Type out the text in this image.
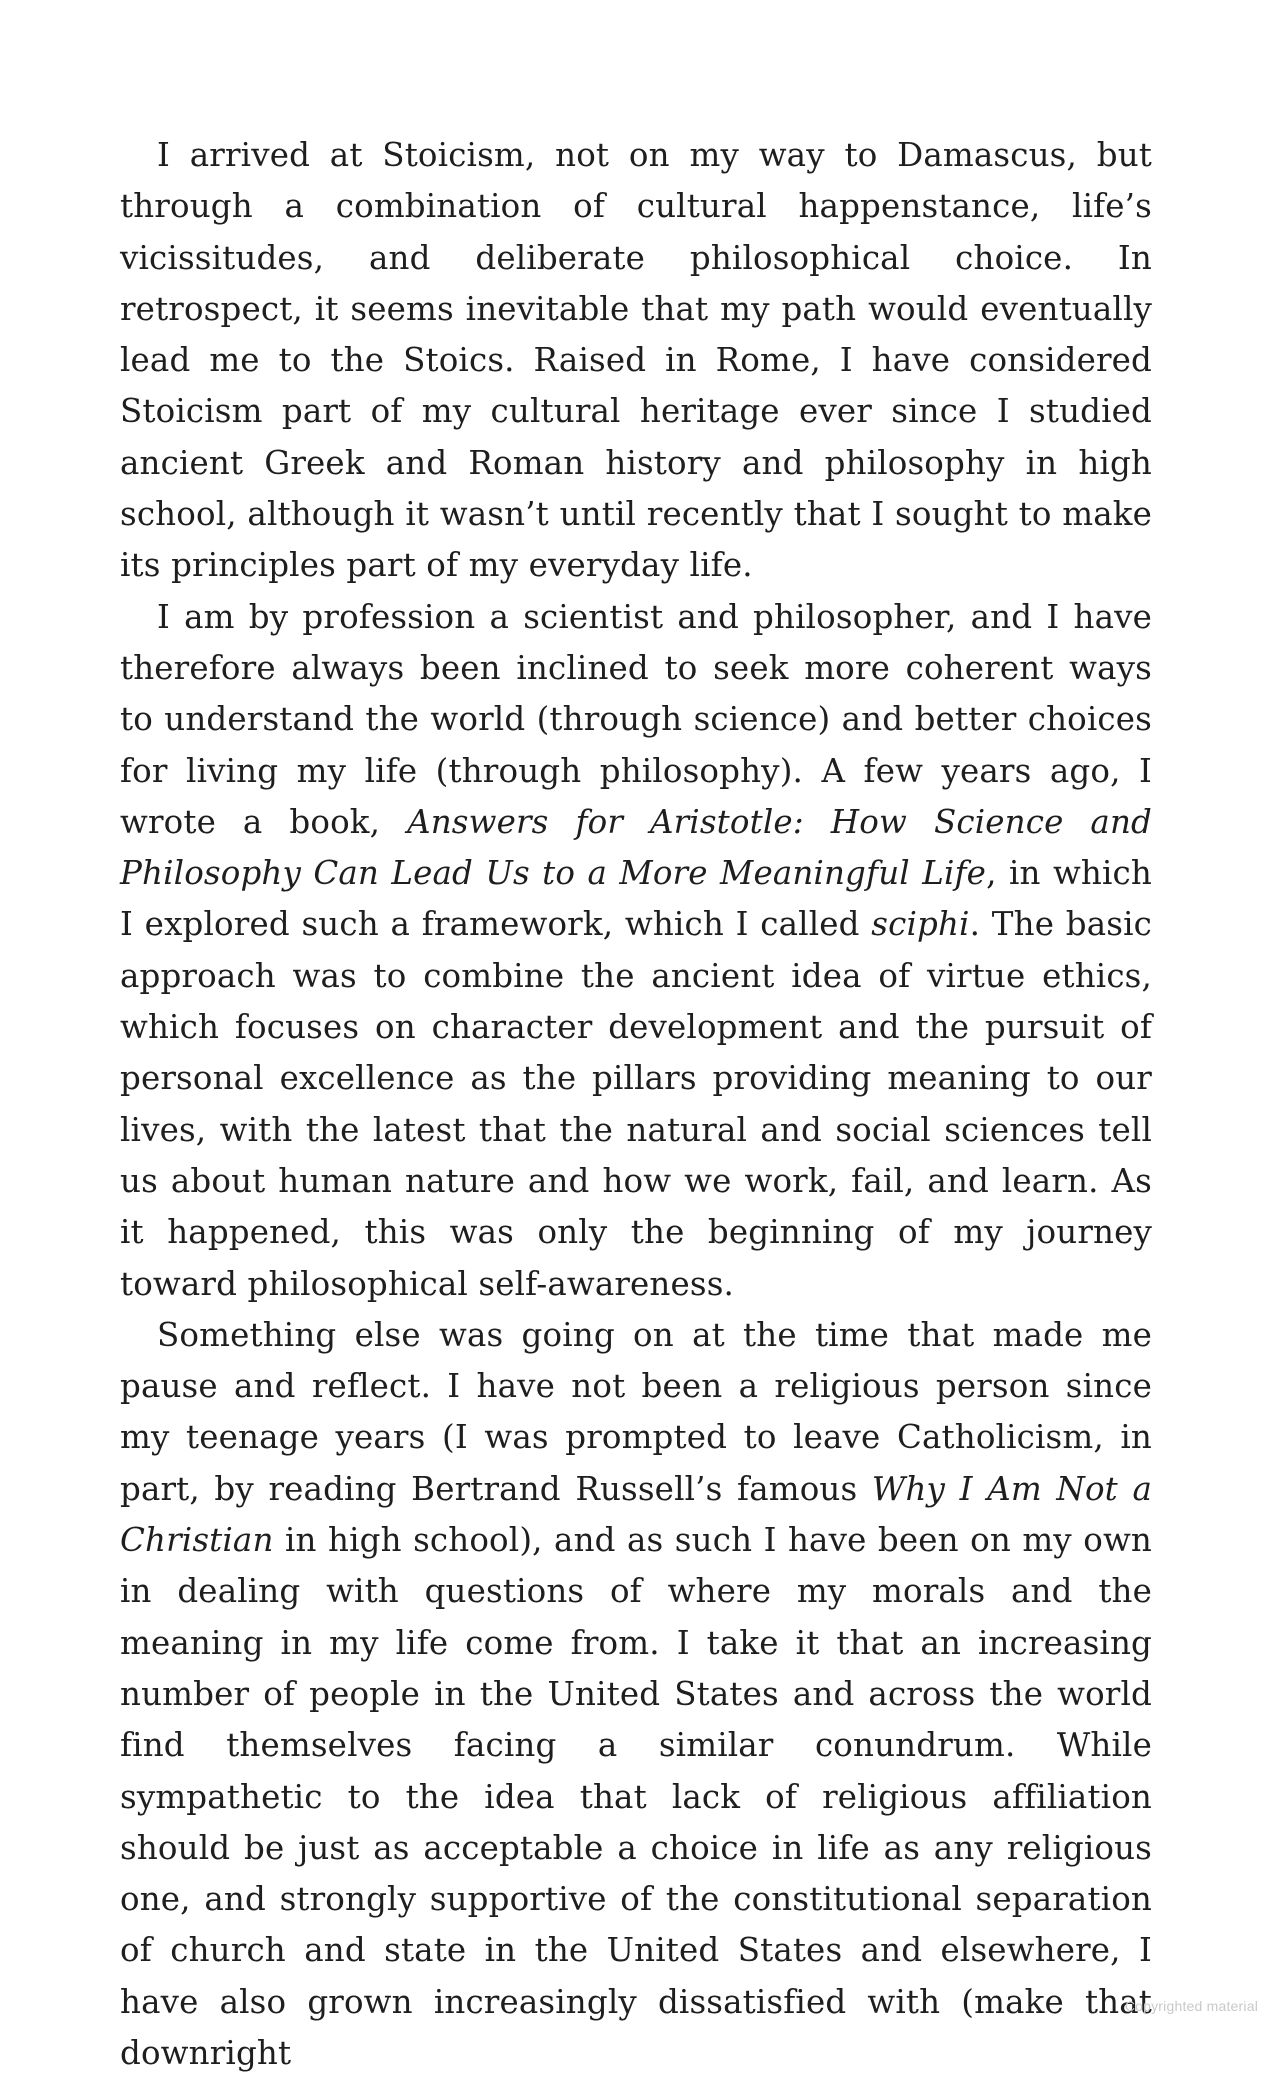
I arrived at Stoicism, not on my way to Damascus, but through a combination of cultural happenstance, life’s vicissitudes, and deliberate philosophical choice. In retrospect, it seems inevitable that my path would eventually lead me to the Stoics. Raised in Rome, I have considered Stoicism part of my cultural heritage ever since I studied ancient Greek and Roman history and philosophy in high school, although it wasn’t until recently that I sought to make its principles part of my everyday life.

I am by profession a scientist and philosopher, and I have therefore always been inclined to seek more coherent ways to understand the world (through science) and better choices for living my life (through philosophy). A few years ago, I wrote a book, Answers for Aristotle: How Science and Philosophy Can Lead Us to a More Meaningful Life, in which I explored such a framework, which I called sciphi. The basic approach was to combine the ancient idea of virtue ethics, which focuses on character development and the pursuit of personal excellence as the pillars providing meaning to our lives, with the latest that the natural and social sciences tell us about human nature and how we work, fail, and learn. As it happened, this was only the beginning of my journey toward philosophical self-awareness.

Something else was going on at the time that made me pause and reflect. I have not been a religious person since my teenage years (I was prompted to leave Catholicism, in part, by reading Bertrand Russell’s famous Why I Am Not a Christian in high school), and as such I have been on my own in dealing with questions of where my morals and the meaning in my life come from. I take it that an increasing number of people in the United States and across the world find themselves facing a similar conundrum. While sympathetic to the idea that lack of religious affiliation should be just as acceptable a choice in life as any religious one, and strongly supportive of the constitutional separation of church and state in the United States and elsewhere, I have also grown increasingly dissatisfied with (make that downright

Copyrighted material
